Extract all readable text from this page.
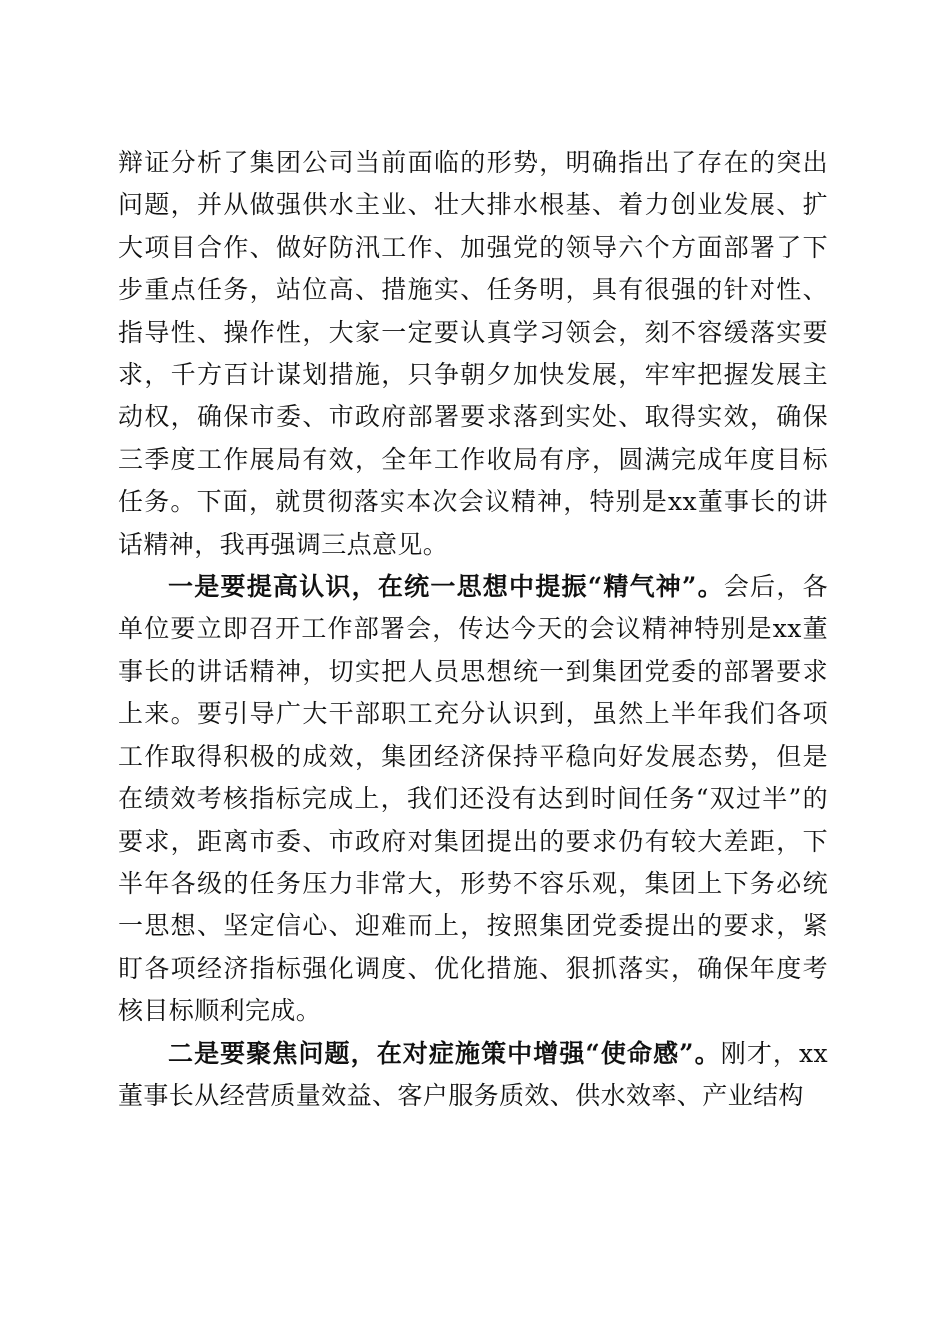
辩证分析了集团公司当前面临的形势，明确指出了存在的突出问题，并从做强供水主业、壮大排水根基、着力创业发展、扩大项目合作、做好防汛工作、加强党的领导六个方面部署了下步重点任务，站位高、措施实、任务明，具有很强的针对性、指导性、操作性，大家一定要认真学习领会，刻不容缓落实要求，千方百计谋划措施，只争朝夕加快发展，牢牢把握发展主动权，确保市委、市政府部署要求落到实处、取得实效，确保三季度工作展局有效，全年工作收局有序，圆满完成年度目标任务。下面，就贯彻落实本次会议精神，特别是xx董事长的讲话精神，我再强调三点意见。

一是要提高认识，在统一思想中提振“精气神”。会后，各单位要立即召开工作部署会，传达今天的会议精神特别是xx董事长的讲话精神，切实把人员思想统一到集团党委的部署要求上来。要引导广大干部职工充分认识到，虽然上半年我们各项工作取得积极的成效，集团经济保持平稳向好发展态势，但是在绩效考核指标完成上，我们还没有达到时间任务“双过半”的要求，距离市委、市政府对集团提出的要求仍有较大差距，下半年各级的任务压力非常大，形势不容乐观，集团上下务必统一思想、坚定信心、迎难而上，按照集团党委提出的要求，紧盯各项经济指标强化调度、优化措施、狠抓落实，确保年度考核目标顺利完成。

二是要聚焦问题，在对症施策中增强“使命感”。刚才，xx董事长从经营质量效益、客户服务质效、供水效率、产业结构
